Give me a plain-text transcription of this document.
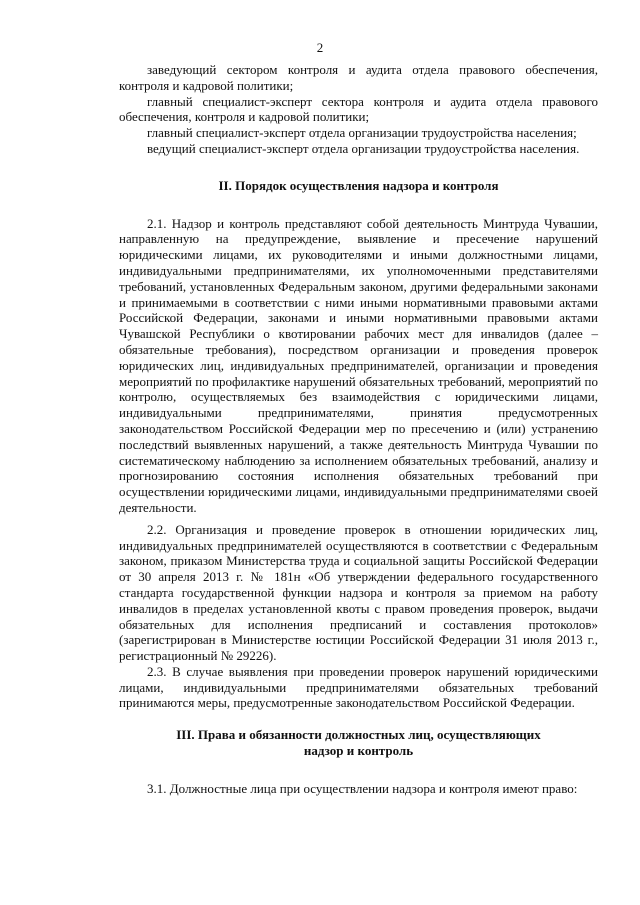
2

заведующий сектором контроля и аудита отдела правового обеспечения, контроля и кадровой политики;

главный специалист-эксперт сектора контроля и аудита отдела правового обеспечения, контроля и кадровой политики;

главный специалист-эксперт отдела организации трудоустройства населения;

ведущий специалист-эксперт отдела организации трудоустройства населения.

II. Порядок осуществления надзора и контроля

2.1. Надзор и контроль представляют собой деятельность Минтруда Чувашии, направленную на предупреждение, выявление и пресечение нарушений юридическими лицами, их руководителями и иными должностными лицами, индивидуальными предпринимателями, их уполномоченными представителями требований, установленных Федеральным законом, другими федеральными законами и принимаемыми в соответствии с ними иными нормативными правовыми актами Российской Федерации, законами и иными нормативными правовыми актами Чувашской Республики о квотировании рабочих мест для инвалидов (далее – обязательные требования), посредством организации и проведения проверок юридических лиц, индивидуальных предпринимателей, организации и проведения мероприятий по профилактике нарушений обязательных требований, мероприятий по контролю, осуществляемых без взаимодействия с юридическими лицами, индивидуальными предпринимателями, принятия предусмотренных законодательством Российской Федерации мер по пресечению и (или) устранению последствий выявленных нарушений, а также деятельность Минтруда Чувашии по систематическому наблюдению за исполнением обязательных требований, анализу и прогнозированию состояния исполнения обязательных требований при осуществлении юридическими лицами, индивидуальными предпринимателями своей деятельности.

2.2. Организация и проведение проверок в отношении юридических лиц, индивидуальных предпринимателей осуществляются в соответствии с Федеральным законом, приказом Министерства труда и социальной защиты Российской Федерации от 30 апреля 2013 г. № 181н «Об утверждении федерального государственного стандарта государственной функции надзора и контроля за приемом на работу инвалидов в пределах установленной квоты с правом проведения проверок, выдачи обязательных для исполнения предписаний и составления протоколов» (зарегистрирован в Министерстве юстиции Российской Федерации 31 июля 2013 г., регистрационный № 29226).

2.3. В случае выявления при проведении проверок нарушений юридическими лицами, индивидуальными предпринимателями обязательных требований принимаются меры, предусмотренные законодательством Российской Федерации.

III. Права и обязанности должностных лиц, осуществляющих
надзор и контроль

3.1. Должностные лица при осуществлении надзора и контроля имеют право:
